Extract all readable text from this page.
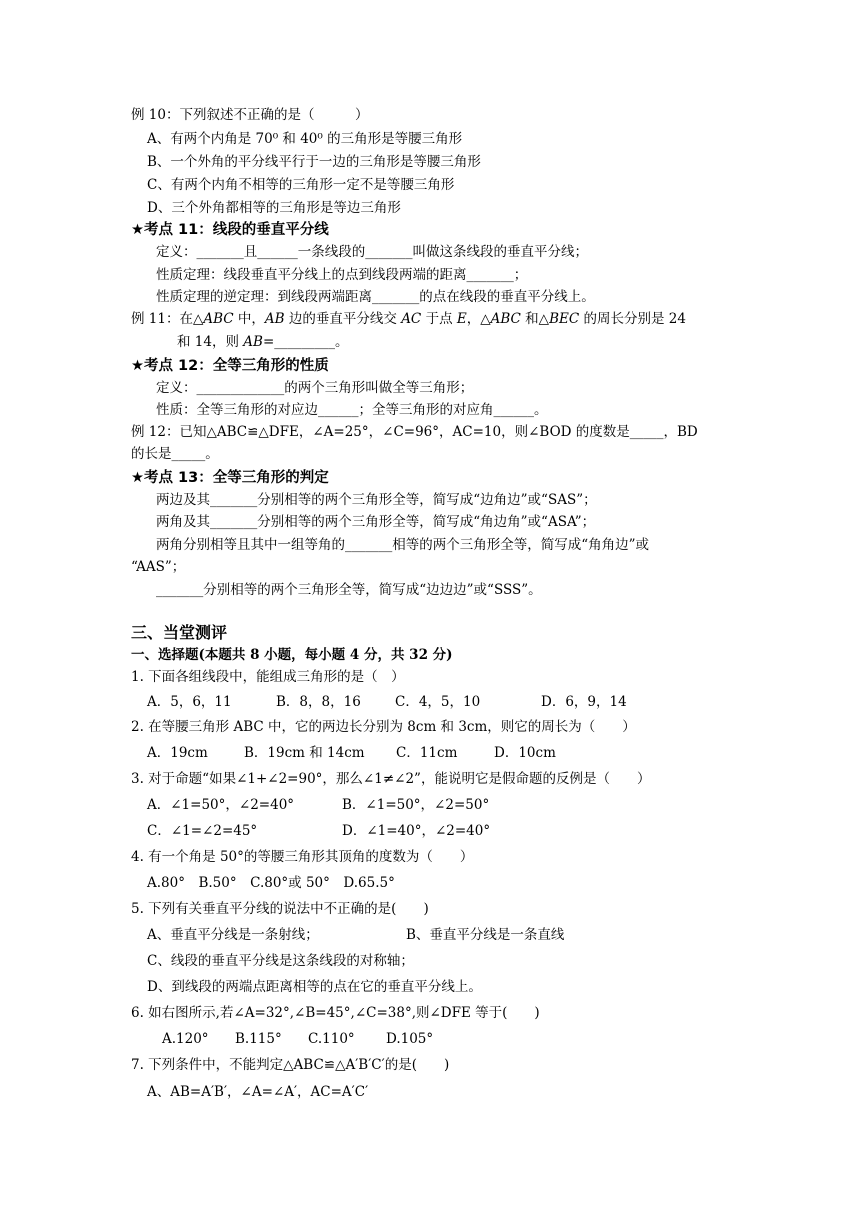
例 10：下列叙述不正确的是（　　　）
A、有两个内角是 70⁰ 和 40⁰ 的三角形是等腰三角形
B、一个外角的平分线平行于一边的三角形是等腰三角形
C、有两个内角不相等的三角形一定不是等腰三角形
D、三个外角都相等的三角形是等边三角形
★考点 11：线段的垂直平分线
定义：_______且______一条线段的_______叫做这条线段的垂直平分线；
性质定理：线段垂直平分线上的点到线段两端的距离_______；
性质定理的逆定理：到线段两端距离_______的点在线段的垂直平分线上。
例 11：在△ABC 中，AB 边的垂直平分线交 AC 于点 E，△ABC 和△BEC 的周长分别是 24
和 14，则 AB=_________。
★考点 12：全等三角形的性质
定义：_____________的两个三角形叫做全等三角形；
性质：全等三角形的对应边______；全等三角形的对应角______。
例 12：已知△ABC≌△DFE，∠A=25°，∠C=96°，AC=10，则∠BOD 的度数是_____，BD
的长是_____。
★考点 13：全等三角形的判定
两边及其_______分别相等的两个三角形全等，简写成“边角边”或“SAS”；
两角及其_______分别相等的两个三角形全等，简写成“角边角”或“ASA”；
两角分别相等且其中一组等角的_______相等的两个三角形全等，简写成“角角边”或
“AAS”；
_______分别相等的两个三角形全等，简写成“边边边”或“SSS”。
三、当堂测评
一、选择题(本题共 8 小题，每小题 4 分，共 32 分)
1. 下面各组线段中，能组成三角形的是（　）
A．5，6，11	B．8，8，16	C．4，5，10	D．6，9，14
2. 在等腰三角形 ABC 中，它的两边长分别为 8cm 和 3cm，则它的周长为（　　）
A．19cm	B．19cm 和 14cm C．11cm	D．10cm
3. 对于命题“如果∠1+∠2=90°，那么∠1≠∠2”，能说明它是假命题的反例是（　　）
A．∠1=50°，∠2=40°	B．∠1=50°，∠2=50°
C．∠1=∠2=45°	D．∠1=40°，∠2=40°
4. 有一个角是 50°的等腰三角形其顶角的度数为（　　）
A.80°　B.50°　C.80°或 50°　D.65.5°
5. 下列有关垂直平分线的说法中不正确的是(　　)
A、垂直平分线是一条射线；	B、垂直平分线是一条直线
C、线段的垂直平分线是这条线段的对称轴；
D、到线段的两端点距离相等的点在它的垂直平分线上。
6. 如右图所示,若∠A=32°,∠B=45°,∠C=38°,则∠DFE 等于(　　)
A.120° B.115° C.110° D.105°
7. 下列条件中，不能判定△ABC≌△A′B′C′的是(　　)
A、AB=A′B′，∠A=∠A′，AC=A′C′
